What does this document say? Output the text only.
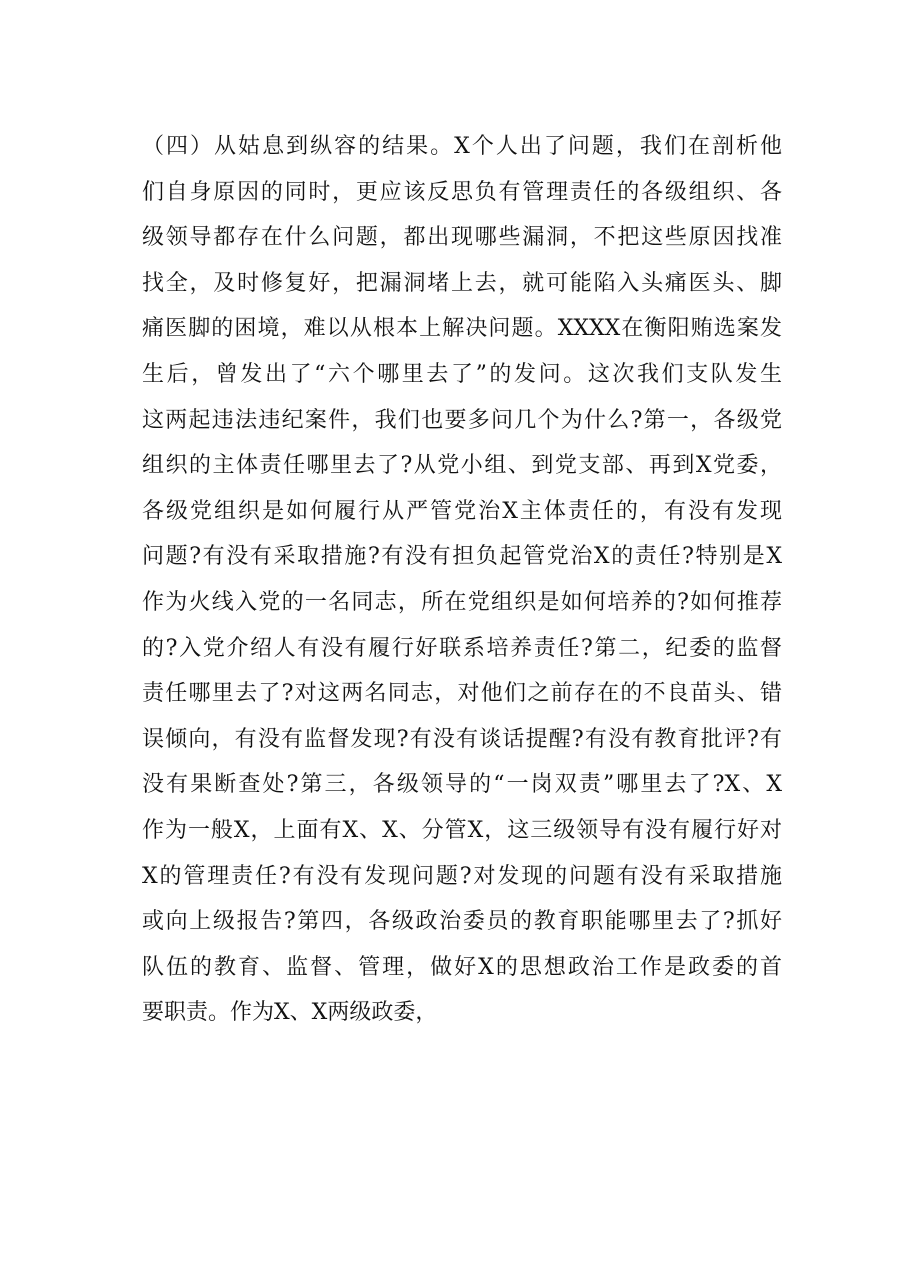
（四）从姑息到纵容的结果。X个人出了问题，我们在剖析他
们自身原因的同时，更应该反思负有管理责任的各级组织、各
级领导都存在什么问题，都出现哪些漏洞，不把这些原因找准
找全，及时修复好，把漏洞堵上去，就可能陷入头痛医头、脚
痛医脚的困境，难以从根本上解决问题。XXXX在衡阳贿选案发
生后，曾发出了“六个哪里去了”的发问。这次我们支队发生
这两起违法违纪案件，我们也要多问几个为什么?第一，各级党
组织的主体责任哪里去了?从党小组、到党支部、再到X党委，
各级党组织是如何履行从严管党治X主体责任的，有没有发现
问题?有没有采取措施?有没有担负起管党治X的责任?特别是X
作为火线入党的一名同志，所在党组织是如何培养的?如何推荐
的?入党介绍人有没有履行好联系培养责任?第二，纪委的监督
责任哪里去了?对这两名同志，对他们之前存在的不良苗头、错
误倾向，有没有监督发现?有没有谈话提醒?有没有教育批评?有
没有果断查处?第三，各级领导的“一岗双责”哪里去了?X、X
作为一般X，上面有X、X、分管X，这三级领导有没有履行好对
X的管理责任?有没有发现问题?对发现的问题有没有采取措施
或向上级报告?第四，各级政治委员的教育职能哪里去了?抓好
队伍的教育、监督、管理，做好X的思想政治工作是政委的首
要职责。作为X、X两级政委，
